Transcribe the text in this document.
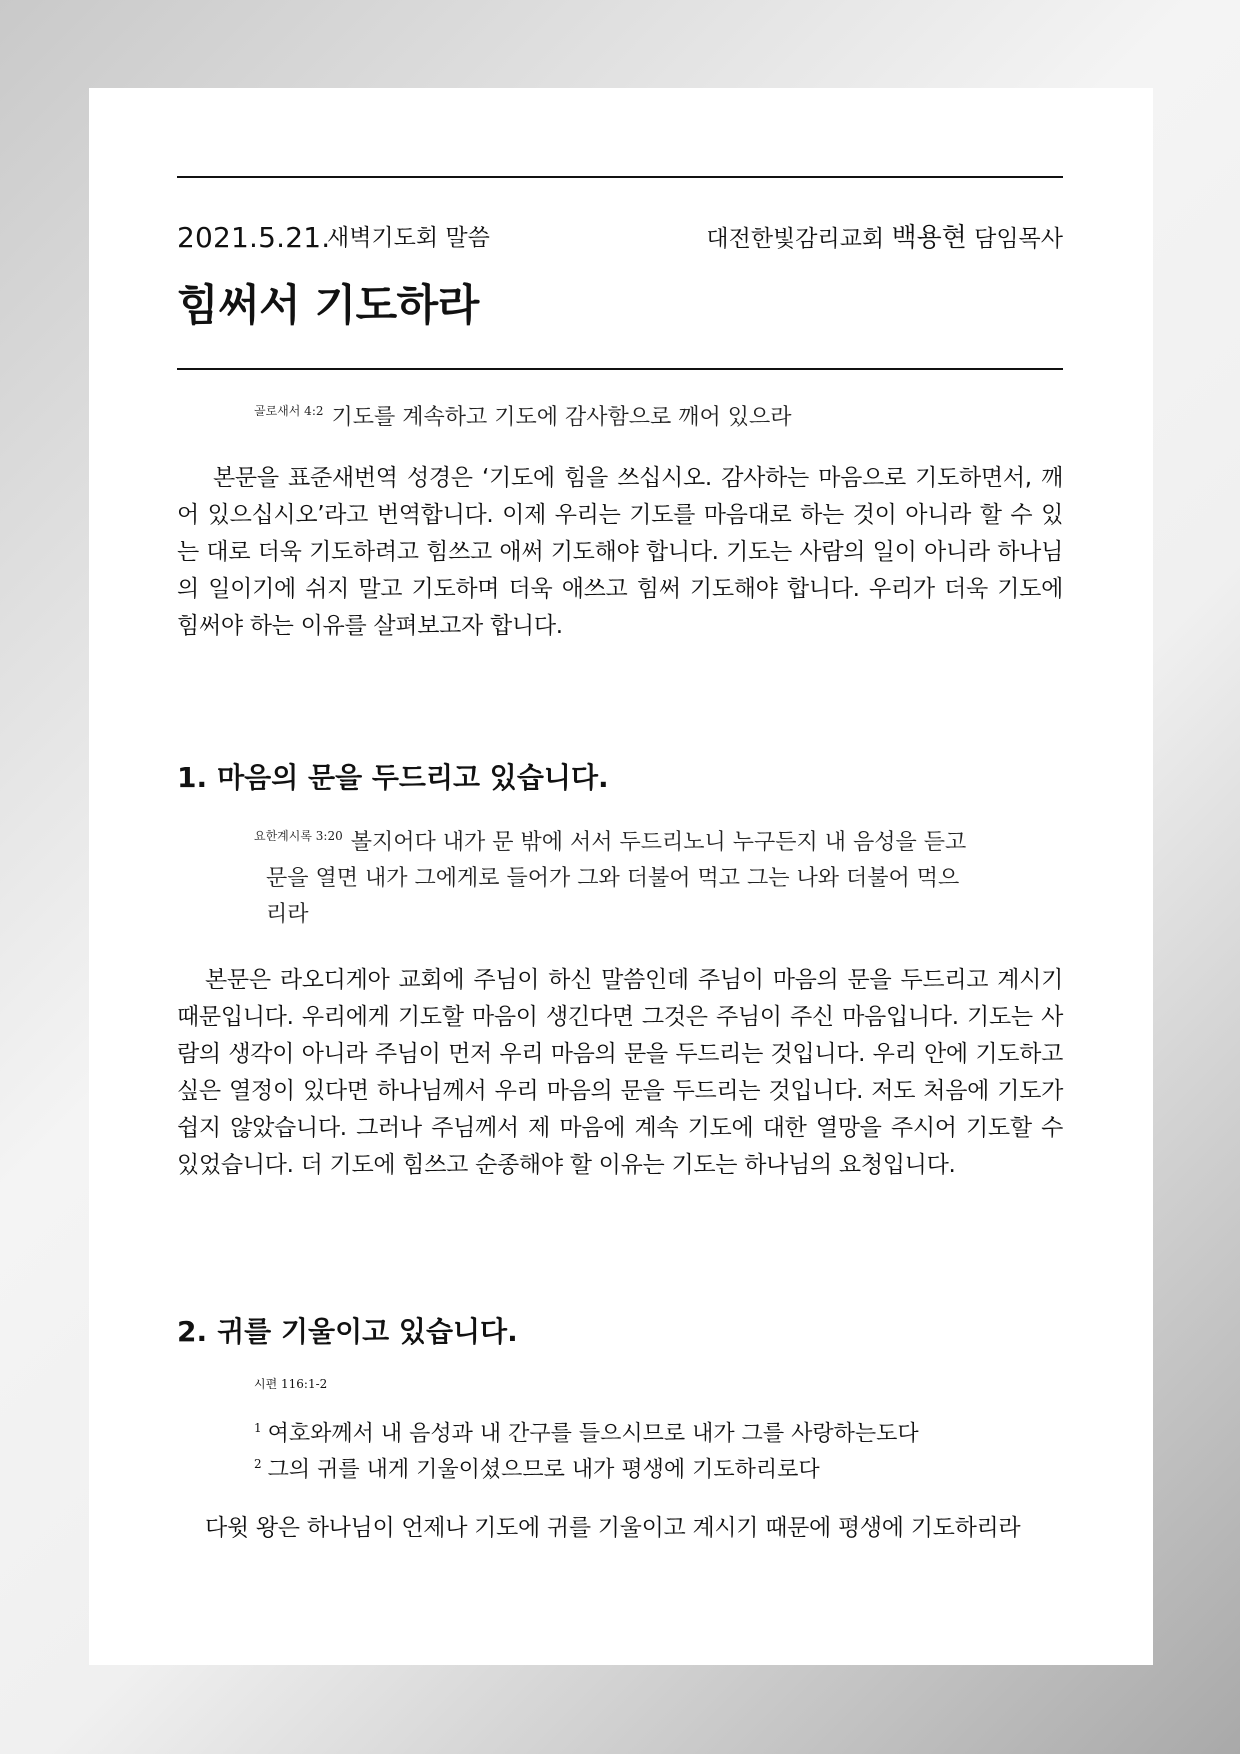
2021.5.21.
새벽기도회 말씀	대전한빛감리교회 백용현 담임목사
힘써서 기도하라
$^{골로새서 4:2}$ 기도를 계속하고 기도에 감사함으로 깨어 있으라

본문을 표준새번역 성경은 ‘기도에 힘을 쓰십시오. 감사하는 마음으로 기도하면서, 깨어 있으십시오’라고 번역합니다. 이제 우리는 기도를 마음대로 하는 것이 아니라 할 수 있는 대로 더욱 기도하려고 힘쓰고 애써 기도해야 합니다. 기도는 사람의 일이 아니라 하나님의 일이기에 쉬지 말고 기도하며 더욱 애쓰고 힘써 기도해야 합니다. 우리가 더욱 기도에 힘써야 하는 이유를 살펴보고자 합니다.

1. 마음의 문을 두드리고 있습니다.
$^{요한계시록 3:20}$ 볼지어다 내가 문 밖에 서서 두드리노니 누구든지 내 음성을 듣고
문을 열면 내가 그에게로 들어가 그와 더불어 먹고 그는 나와 더불어 먹으
리라

본문은 라오디게아 교회에 주님이 하신 말씀인데 주님이 마음의 문을 두드리고 계시기 때문입니다. 우리에게 기도할 마음이 생긴다면 그것은 주님이 주신 마음입니다. 기도는 사람의 생각이 아니라 주님이 먼저 우리 마음의 문을 두드리는 것입니다. 우리 안에 기도하고 싶은 열정이 있다면 하나님께서 우리 마음의 문을 두드리는 것입니다. 저도 처음에 기도가 쉽지 않았습니다. 그러나 주님께서 제 마음에 계속 기도에 대한 열망을 주시어 기도할 수 있었습니다. 더 기도에 힘쓰고 순종해야 할 이유는 기도는 하나님의 요청입니다.

2. 귀를 기울이고 있습니다.
시편 116:1-2
$^1$ 여호와께서 내 음성과 내 간구를 들으시므로 내가 그를 사랑하는도다
$^2$ 그의 귀를 내게 기울이셨으므로 내가 평생에 기도하리로다

다윗 왕은 하나님이 언제나 기도에 귀를 기울이고 계시기 때문에 평생에 기도하리라
